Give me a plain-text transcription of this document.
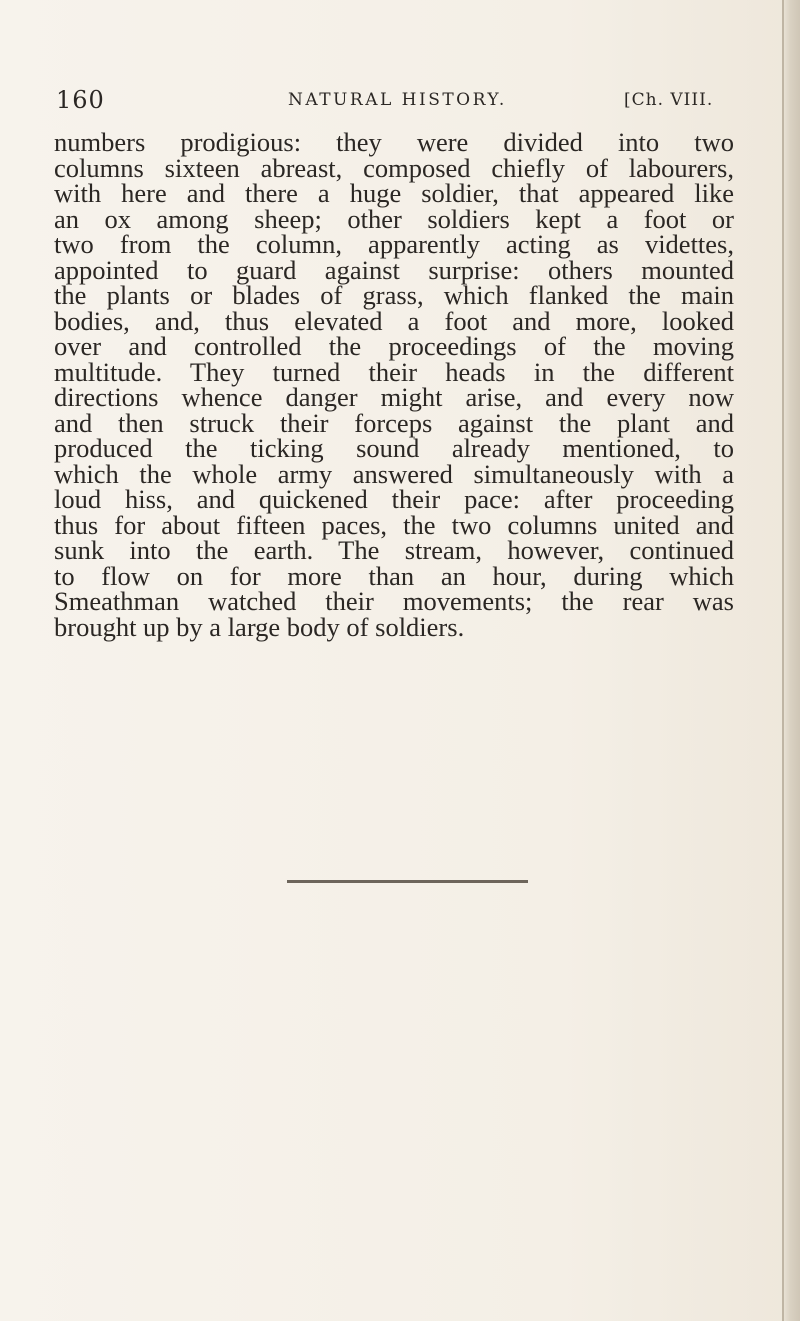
160	NATURAL HISTORY.	[Ch. VIII.
numbers prodigious: they were divided into two
columns sixteen abreast, composed chiefly of labourers,
with here and there a huge soldier, that appeared like
an ox among sheep; other soldiers kept a foot or
two from the column, apparently acting as videttes,
appointed to guard against surprise: others mounted
the plants or blades of grass, which flanked the main
bodies, and, thus elevated a foot and more, looked
over and controlled the proceedings of the moving
multitude. They turned their heads in the different
directions whence danger might arise, and every now
and then struck their forceps against the plant and
produced the ticking sound already mentioned, to
which the whole army answered simultaneously with a
loud hiss, and quickened their pace: after proceeding
thus for about fifteen paces, the two columns united and
sunk into the earth. The stream, however, continued
to flow on for more than an hour, during which
Smeathman watched their movements; the rear was
brought up by a large body of soldiers.
